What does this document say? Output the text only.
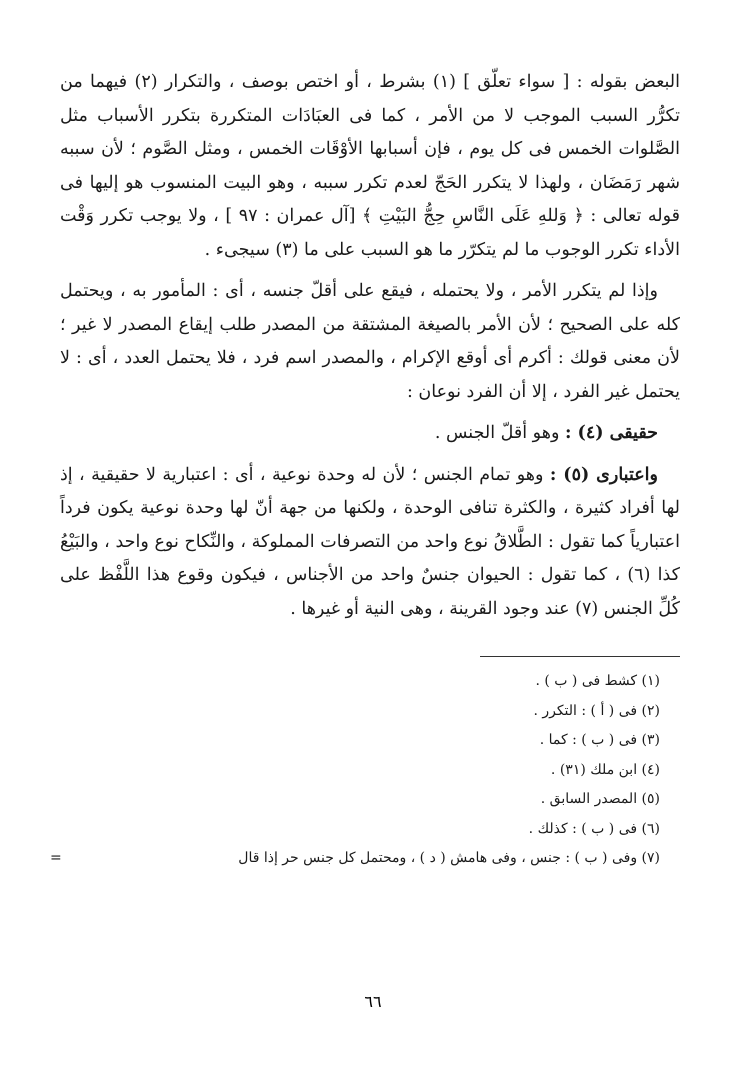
البعض بقوله : [ سواء تعلّق ] (١) بشرط ، أو اختص بوصف ، والتكرار (٢) فيهما من تكرُّر السبب الموجب لا من الأمر ، كما فى العبَادَات المتكررة بتكرر الأسباب مثل الصَّلوات الخمس فى كل يوم ، فإن أسبابها الأوْقَات الخمس ، ومثل الصَّوم ؛ لأن سببه شهر رَمَضَان ، ولهذا لا يتكرر الحَجّ لعدم تكرر سببه ، وهو البيت المنسوب هو إليها فى قوله تعالى : ﴿ وَللهِ عَلَى النَّاسِ حِجُّ البَيْتِ ﴾ [آل عمران : ٩٧ ] ، ولا يوجب تكرر وَقْت الأداء تكرر الوجوب ما لم يتكرّر ما هو السبب على ما (٣) سيجىء .

وإذا لم يتكرر الأمر ، ولا يحتمله ، فيقع على أقلّ جنسه ، أى : المأمور به ، ويحتمل كله على الصحيح ؛ لأن الأمر بالصيغة المشتقة من المصدر طلب إيقاع المصدر لا غير ؛ لأن معنى قولك : أكرم أى أوقع الإكرام ، والمصدر اسم فرد ، فلا يحتمل العدد ، أى : لا يحتمل غير الفرد ، إلا أن الفرد نوعان :

حقيقى (٤) : وهو أقلّ الجنس .

واعتبارى (٥) : وهو تمام الجنس ؛ لأن له وحدة نوعية ، أى : اعتبارية لا حقيقية ، إذ لها أفراد كثيرة ، والكثرة تنافى الوحدة ، ولكنها من جهة أنّ لها وحدة نوعية يكون فرداً اعتبارياً كما تقول : الطَّلاقُ نوع واحد من التصرفات المملوكة ، والنِّكاح نوع واحد ، والبَيْعُ كذا (٦) ، كما تقول : الحيوان جنسٌ واحد من الأجناس ، فيكون وقوع هذا اللَّفْظ على كُلِّ الجنس (٧) عند وجود القرينة ، وهى النية أو غيرها .

(١) كشط فى ( ب ) .

(٢) فى ( أ ) : التكرر .

(٣) فى ( ب ) : كما .

(٤) ابن ملك (٣١) .

(٥) المصدر السابق .

(٦) فى ( ب ) : كذلك .

(٧) وفى ( ب ) : جنس ، وفى هامش ( د ) ، ومحتمل كل جنس حر إذا قال
=

٦٦
